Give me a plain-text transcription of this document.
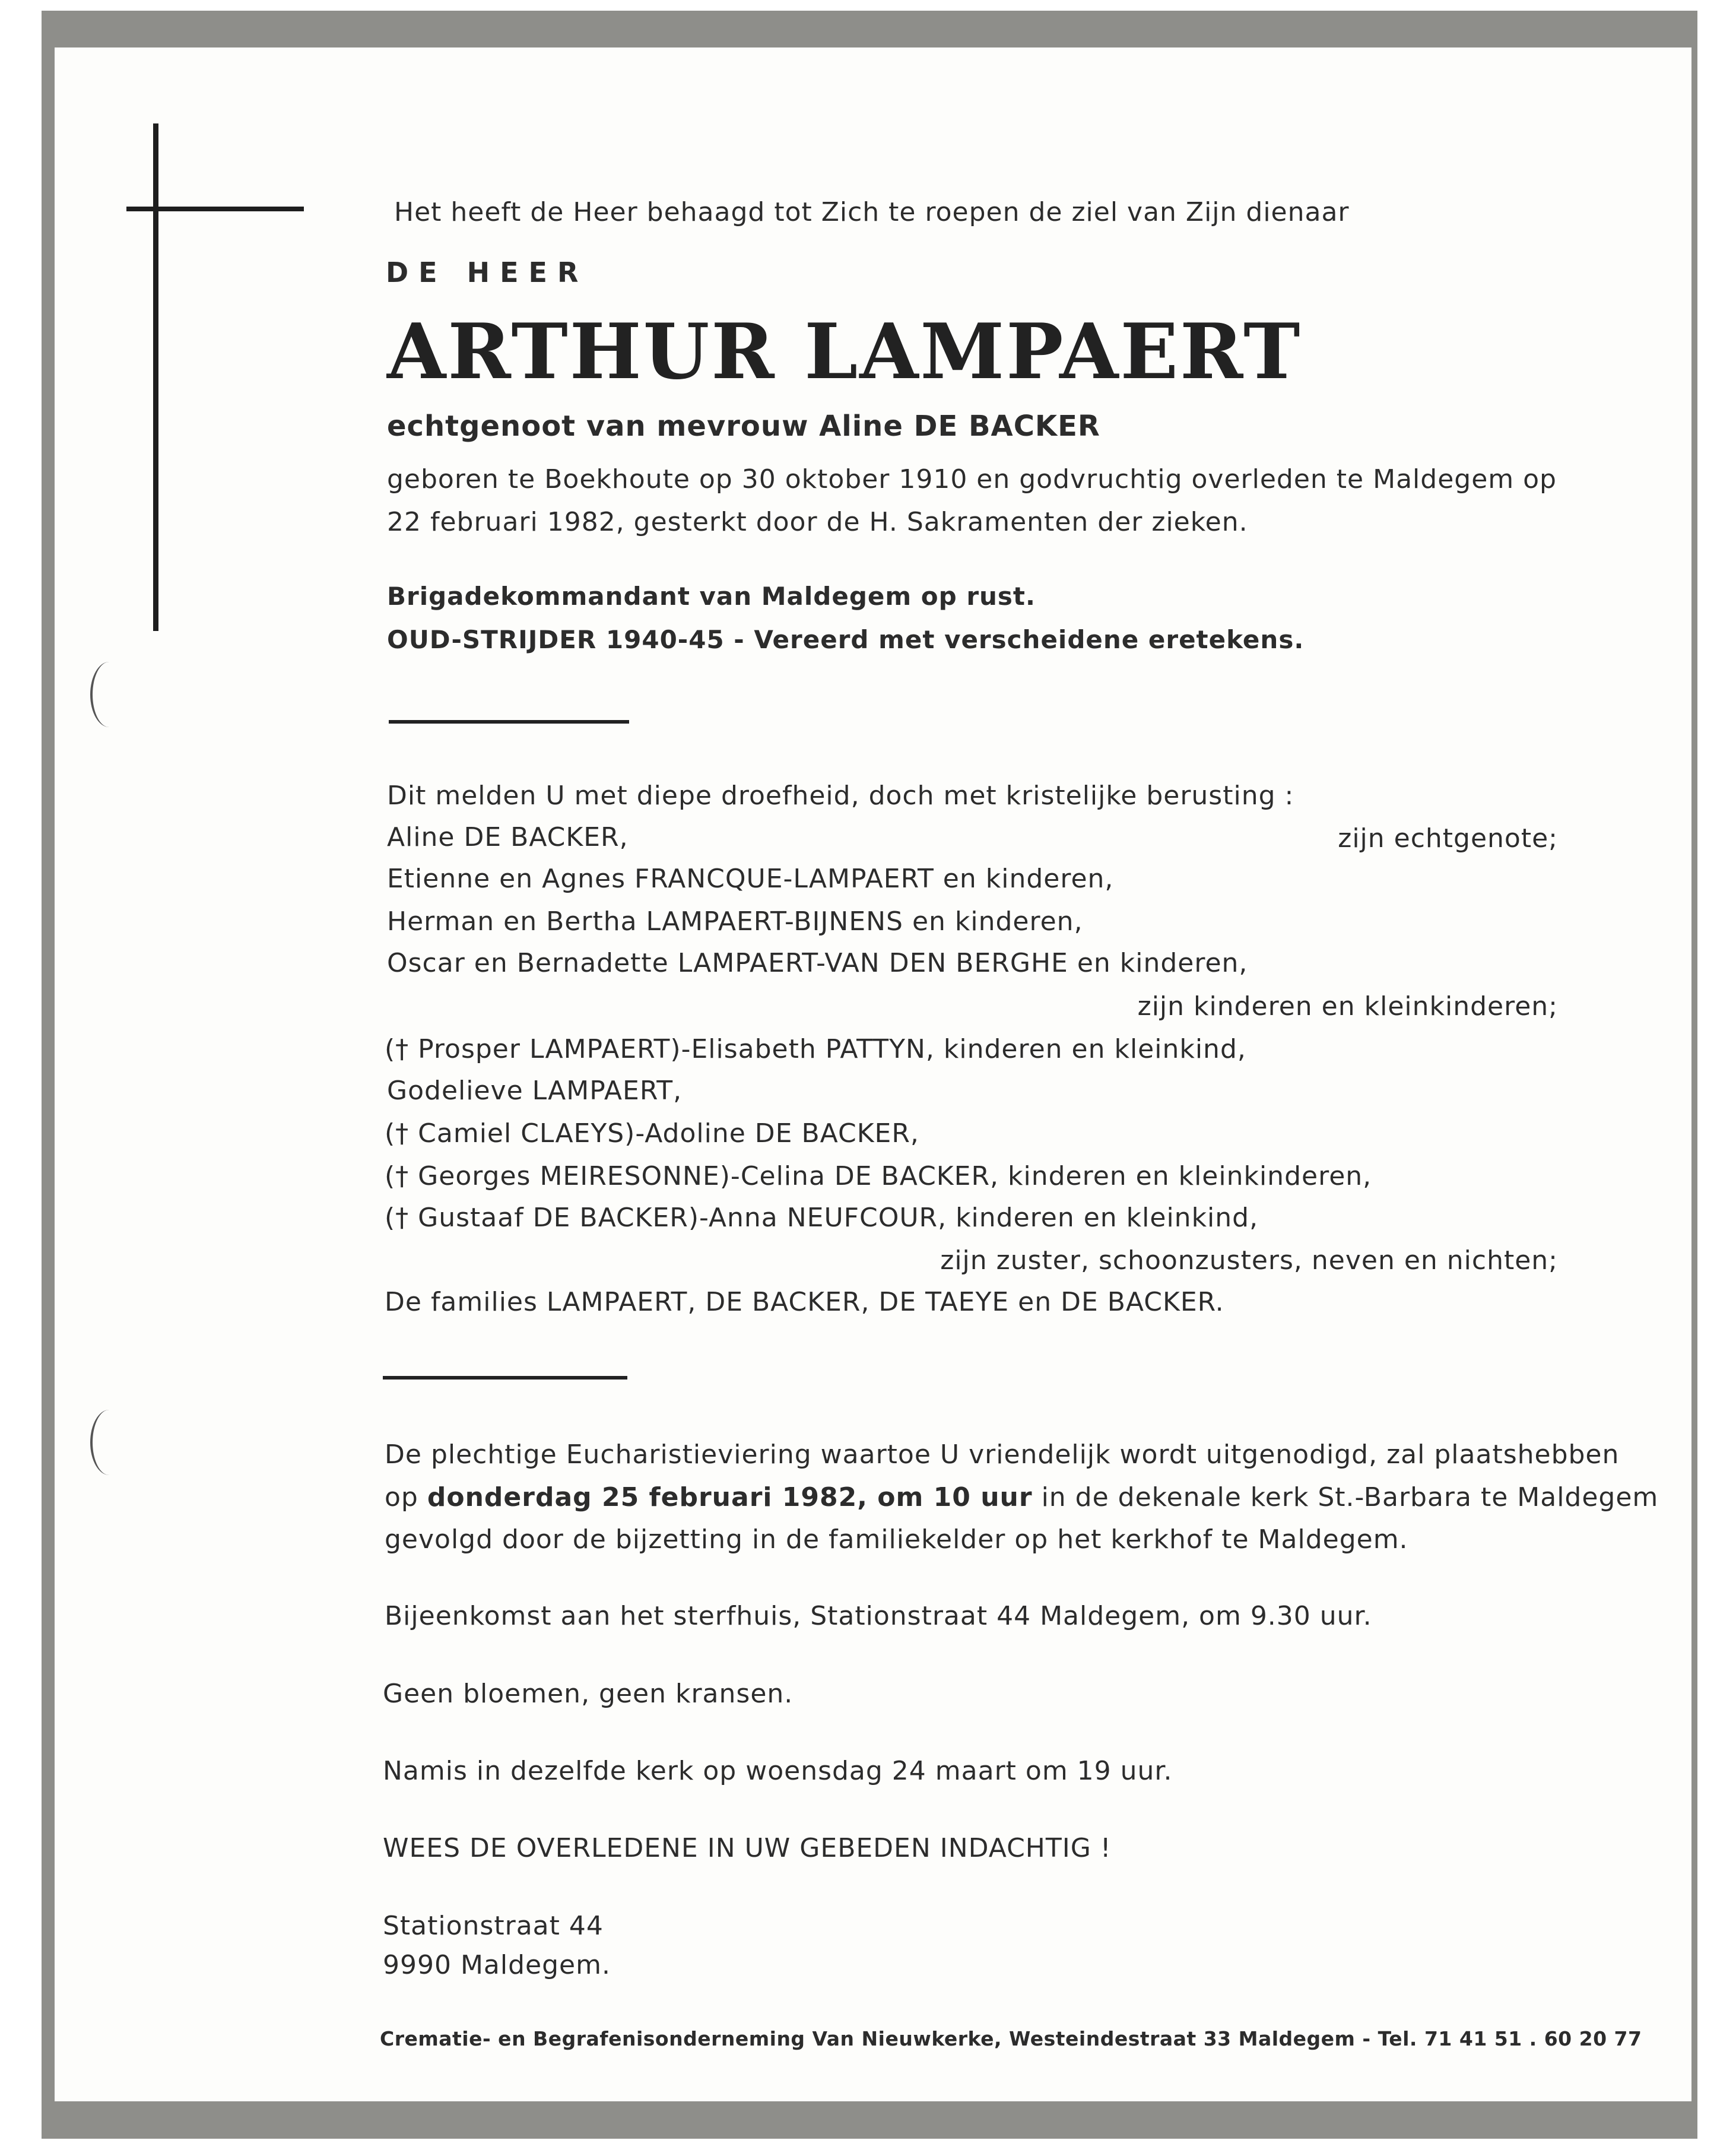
Het heeft de Heer behaagd tot Zich te roepen de ziel van Zijn dienaar
DE HEER
ARTHUR LAMPAERT
echtgenoot van mevrouw Aline DE BACKER
geboren te Boekhoute op 30 oktober 1910 en godvruchtig overleden te Maldegem op
22 februari 1982, gesterkt door de H. Sakramenten der zieken.
Brigadekommandant van Maldegem op rust.
OUD-STRIJDER 1940-45 - Vereerd met verscheidene eretekens.
Dit melden U met diepe droefheid, doch met kristelijke berusting :
Aline DE BACKER,	zijn echtgenote;
Etienne en Agnes FRANCQUE-LAMPAERT en kinderen,
Herman en Bertha LAMPAERT-BIJNENS en kinderen,
Oscar en Bernadette LAMPAERT-VAN DEN BERGHE en kinderen,
zijn kinderen en kleinkinderen;
(† Prosper LAMPAERT)-Elisabeth PATTYN, kinderen en kleinkind,
Godelieve LAMPAERT,
(† Camiel CLAEYS)-Adoline DE BACKER,
(† Georges MEIRESONNE)-Celina DE BACKER, kinderen en kleinkinderen,
(† Gustaaf DE BACKER)-Anna NEUFCOUR, kinderen en kleinkind,
zijn zuster, schoonzusters, neven en nichten;
De families LAMPAERT, DE BACKER, DE TAEYE en DE BACKER.
De plechtige Eucharistieviering waartoe U vriendelijk wordt uitgenodigd, zal plaatshebben
op donderdag 25 februari 1982, om 10 uur in de dekenale kerk St.-Barbara te Maldegem
gevolgd door de bijzetting in de familiekelder op het kerkhof te Maldegem.
Bijeenkomst aan het sterfhuis, Stationstraat 44 Maldegem, om 9.30 uur.
Geen bloemen, geen kransen.
Namis in dezelfde kerk op woensdag 24 maart om 19 uur.
WEES DE OVERLEDENE IN UW GEBEDEN INDACHTIG !
Stationstraat 44
9990 Maldegem.
Crematie- en Begrafenisonderneming Van Nieuwkerke, Westeindestraat 33 Maldegem - Tel. 71 41 51 . 60 20 77
